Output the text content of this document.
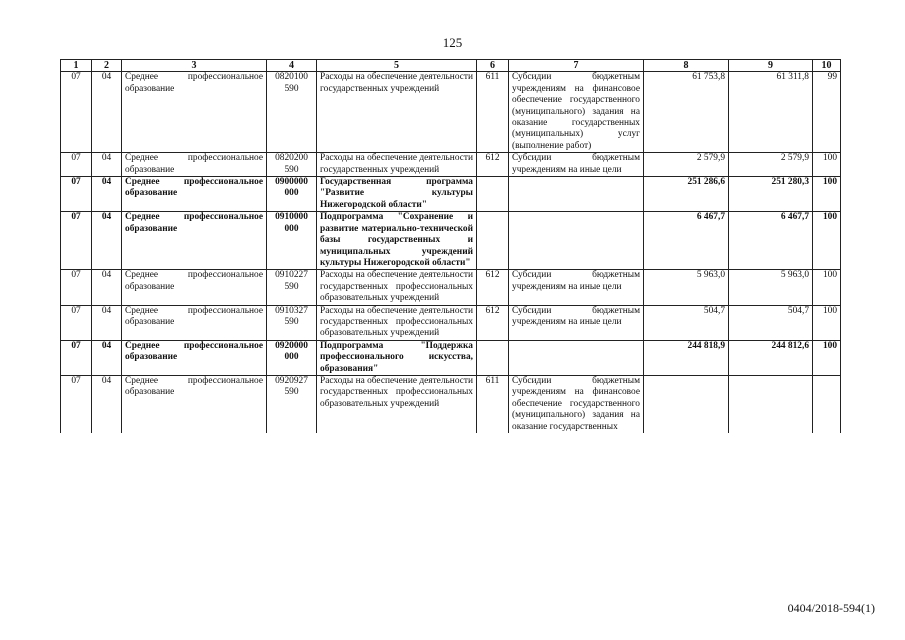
125
1	2	3	4	5	6	7	8	9	10
07	04	Среднее профессиональное образование	0820100 590	Расходы на обеспечение деятельности государственных учреждений	611	Субсидии бюджетным учреждениям на финансовое обеспечение государственного (муниципального) задания на оказание государственных (муниципальных) услуг (выполнение работ)	61 753,8	61 311,8	99
07	04	Среднее профессиональное образование	0820200 590	Расходы на обеспечение деятельности государственных учреждений	612	Субсидии бюджетным учреждениям на иные цели	2 579,9	2 579,9	100
07	04	Среднее профессиональное образование	0900000 000	Государственная программа "Развитие культуры Нижегородской области"			251 286,6	251 280,3	100
07	04	Среднее профессиональное образование	0910000 000	Подпрограмма "Сохранение и развитие материально-технической базы государственных и муниципальных учреждений культуры Нижегородской области"			6 467,7	6 467,7	100
07	04	Среднее профессиональное образование	0910227 590	Расходы на обеспечение деятельности государственных профессиональных образовательных учреждений	612	Субсидии бюджетным учреждениям на иные цели	5 963,0	5 963,0	100
07	04	Среднее профессиональное образование	0910327 590	Расходы на обеспечение деятельности государственных профессиональных образовательных учреждений	612	Субсидии бюджетным учреждениям на иные цели	504,7	504,7	100
07	04	Среднее профессиональное образование	0920000 000	Подпрограмма "Поддержка профессионального искусства, образования"			244 818,9	244 812,6	100
07	04	Среднее профессиональное образование	0920927 590	Расходы на обеспечение деятельности государственных профессиональных образовательных учреждений	611	Субсидии бюджетным учреждениям на финансовое обеспечение государственного (муниципального) задания на оказание государственных			
0404/2018-594(1)
